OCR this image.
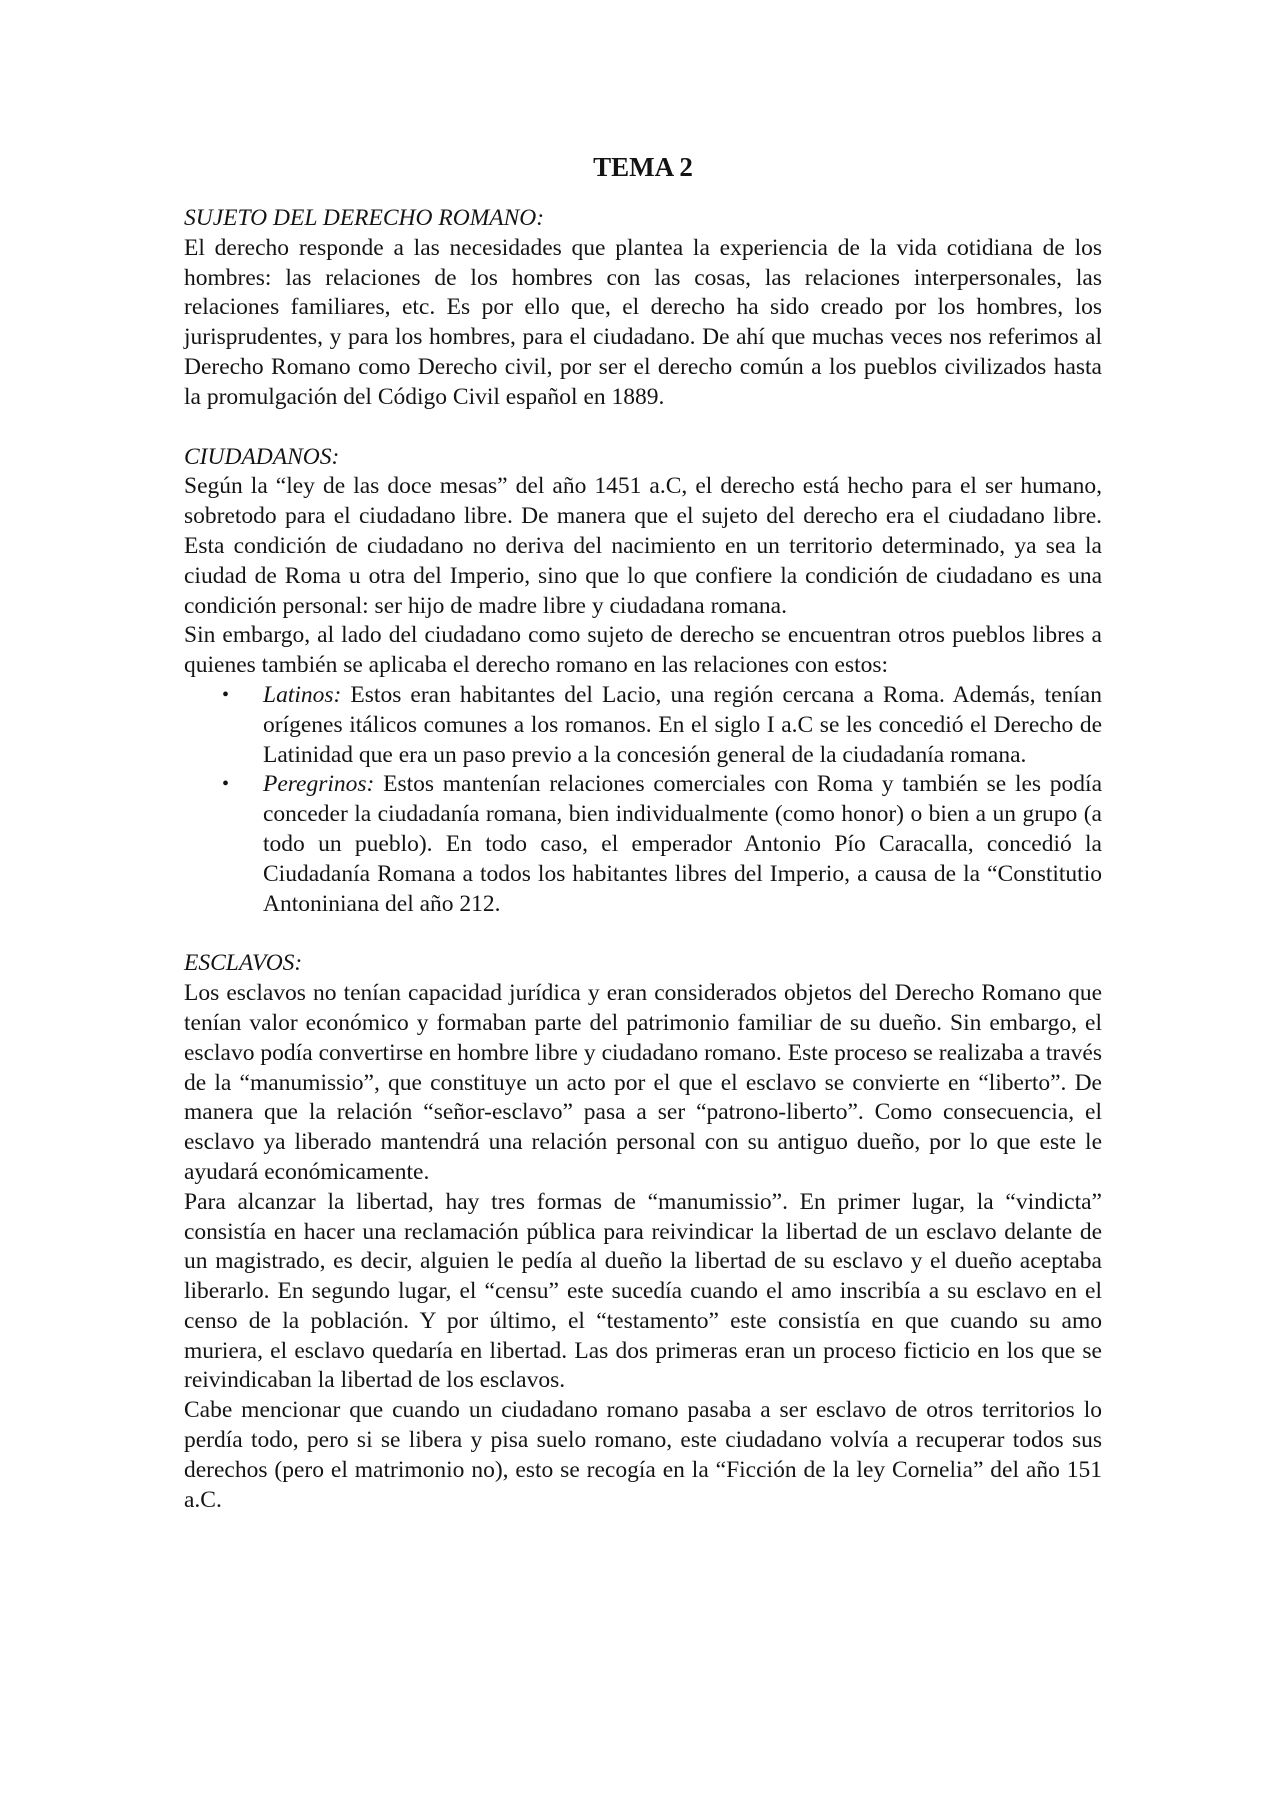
TEMA 2
SUJETO DEL DERECHO ROMANO:

El derecho responde a las necesidades que plantea la experiencia de la vida cotidiana de los hombres: las relaciones de los hombres con las cosas, las relaciones interpersonales, las relaciones familiares, etc. Es por ello que, el derecho ha sido creado por los hombres, los jurisprudentes, y para los hombres, para el ciudadano. De ahí que muchas veces nos referimos al Derecho Romano como Derecho civil, por ser el derecho común a los pueblos civilizados hasta la promulgación del Código Civil español en 1889.

CIUDADANOS:

Según la “ley de las doce mesas” del año 1451 a.C, el derecho está hecho para el ser humano, sobretodo para el ciudadano libre. De manera que el sujeto del derecho era el ciudadano libre. Esta condición de ciudadano no deriva del nacimiento en un territorio determinado, ya sea la ciudad de Roma u otra del Imperio, sino que lo que confiere la condición de ciudadano es una condición personal: ser hijo de madre libre y ciudadana romana.

Sin embargo, al lado del ciudadano como sujeto de derecho se encuentran otros pueblos libres a quienes también se aplicaba el derecho romano en las relaciones con estos:

• Latinos: Estos eran habitantes del Lacio, una región cercana a Roma. Además, tenían orígenes itálicos comunes a los romanos. En el siglo I a.C se les concedió el Derecho de Latinidad que era un paso previo a la concesión general de la ciudadanía romana.
• Peregrinos: Estos mantenían relaciones comerciales con Roma y también se les podía conceder la ciudadanía romana, bien individualmente (como honor) o bien a un grupo (a todo un pueblo). En todo caso, el emperador Antonio Pío Caracalla, concedió la Ciudadanía Romana a todos los habitantes libres del Imperio, a causa de la “Constitutio Antoniniana del año 212.
ESCLAVOS:

Los esclavos no tenían capacidad jurídica y eran considerados objetos del Derecho Romano que tenían valor económico y formaban parte del patrimonio familiar de su dueño. Sin embargo, el esclavo podía convertirse en hombre libre y ciudadano romano. Este proceso se realizaba a través de la “manumissio”, que constituye un acto por el que el esclavo se convierte en “liberto”. De manera que la relación “señor-esclavo” pasa a ser “patrono-liberto”. Como consecuencia, el esclavo ya liberado mantendrá una relación personal con su antiguo dueño, por lo que este le ayudará económicamente.

Para alcanzar la libertad, hay tres formas de “manumissio”. En primer lugar, la “vindicta” consistía en hacer una reclamación pública para reivindicar la libertad de un esclavo delante de un magistrado, es decir, alguien le pedía al dueño la libertad de su esclavo y el dueño aceptaba liberarlo. En segundo lugar, el “censu” este sucedía cuando el amo inscribía a su esclavo en el censo de la población. Y por último, el “testamento” este consistía en que cuando su amo muriera, el esclavo quedaría en libertad. Las dos primeras eran un proceso ficticio en los que se reivindicaban la libertad de los esclavos.

Cabe mencionar que cuando un ciudadano romano pasaba a ser esclavo de otros territorios lo perdía todo, pero si se libera y pisa suelo romano, este ciudadano volvía a recuperar todos sus derechos (pero el matrimonio no), esto se recogía en la “Ficción de la ley Cornelia” del año 151 a.C.
